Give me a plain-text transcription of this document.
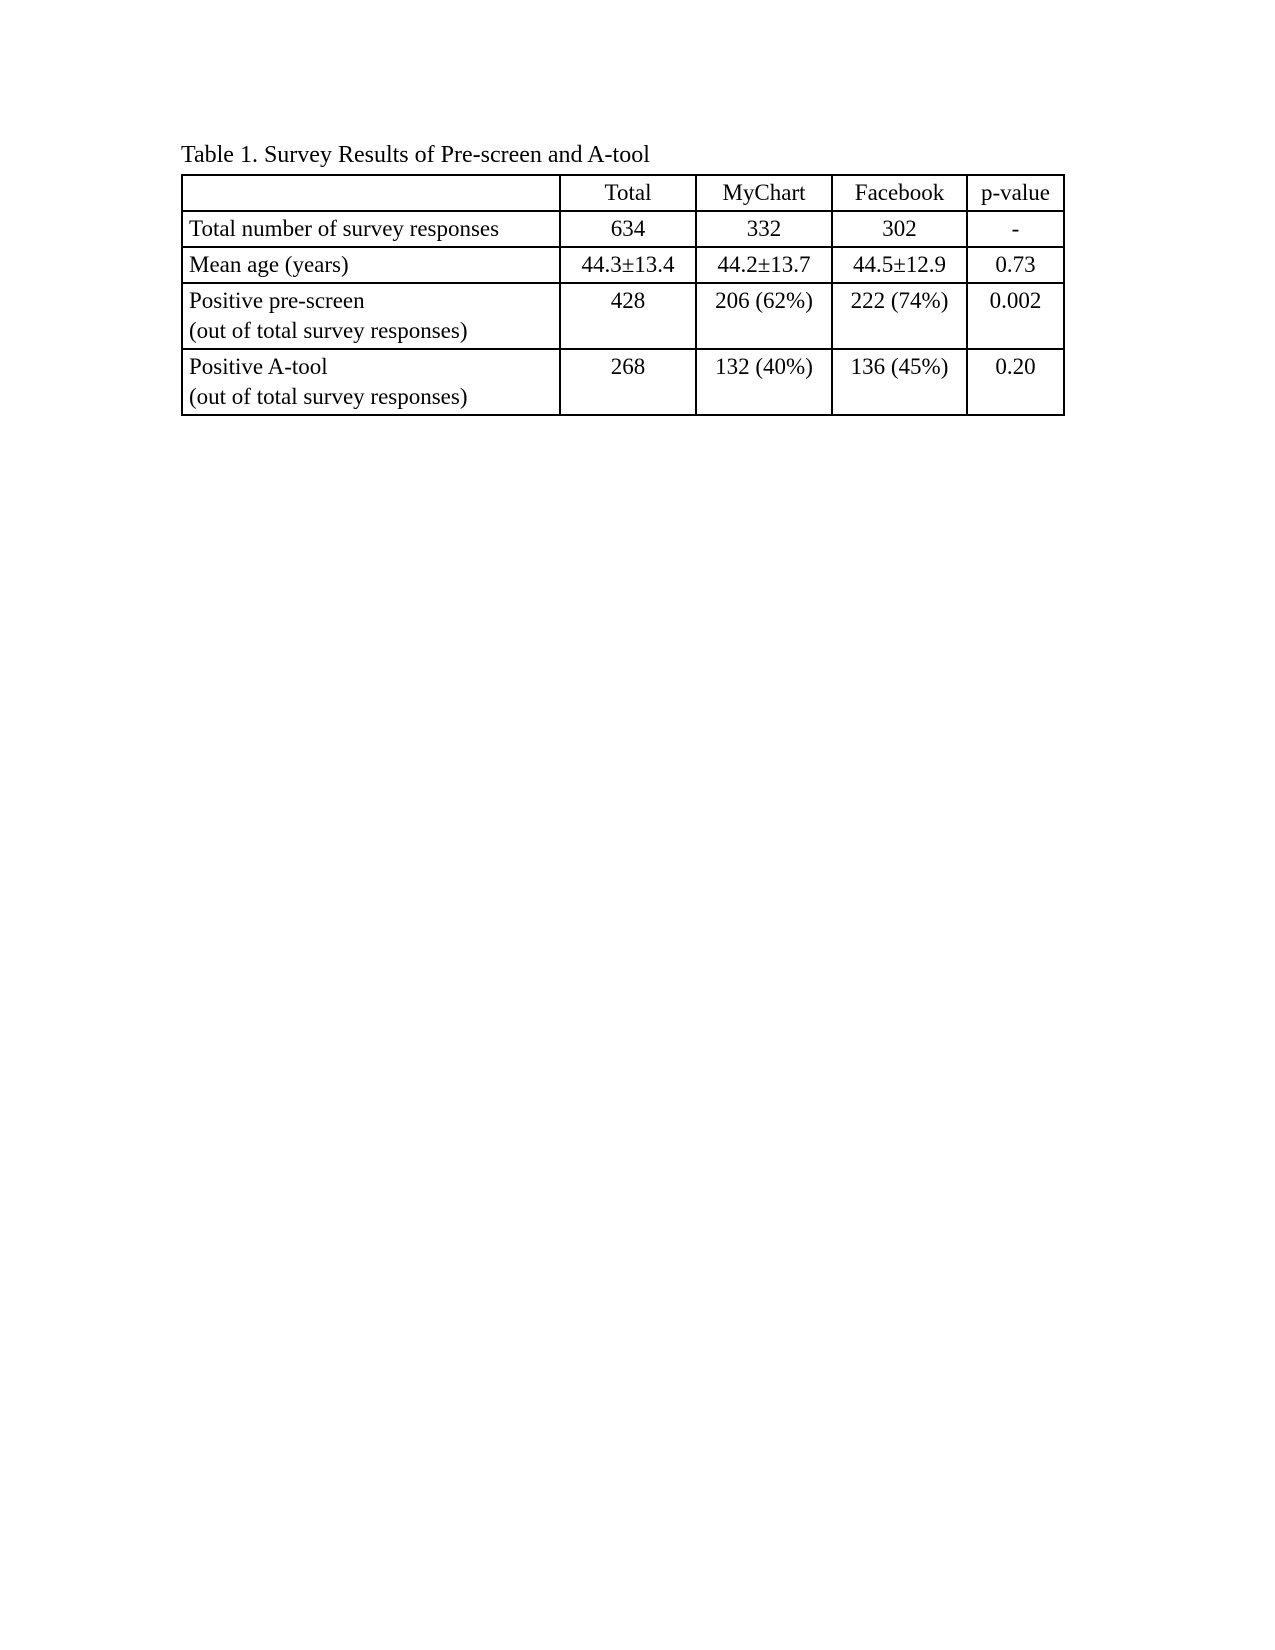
Table 1. Survey Results of Pre-screen and A-tool
	Total	MyChart	Facebook	p-value

Total number of survey responses	634	332	302	-

Mean age (years)	44.3±13.4	44.2±13.7	44.5±12.9	0.73

Positive pre-screen
(out of total survey responses)	428	206 (62%)	222 (74%)	0.002

Positive A-tool
(out of total survey responses)	268	132 (40%)	136 (45%)	0.20
